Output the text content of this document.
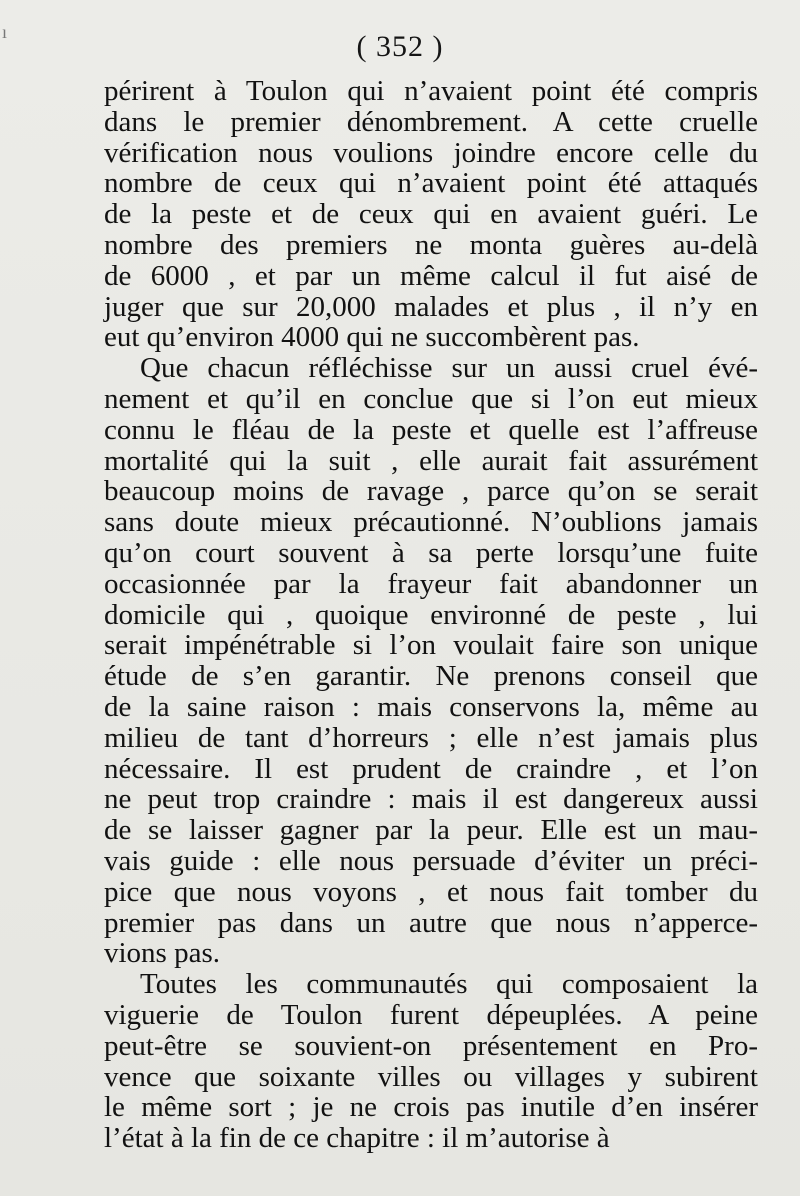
ı	( 352 )
périrent à Toulon qui n’avaient point été compris
dans le premier dénombrement. A cette cruelle
vérification nous voulions joindre encore celle du
nombre de ceux qui n’avaient point été attaqués
de la peste et de ceux qui en avaient guéri. Le
nombre des premiers ne monta guères au-delà
de 6000 , et par un même calcul il fut aisé de
juger que sur 20,000 malades et plus , il n’y en
eut qu’environ 4000 qui ne succombèrent pas.
Que chacun réfléchisse sur un aussi cruel évé-
nement et qu’il en conclue que si l’on eut mieux
connu le fléau de la peste et quelle est l’affreuse
mortalité qui la suit , elle aurait fait assurément
beaucoup moins de ravage , parce qu’on se serait
sans doute mieux précautionné. N’oublions jamais
qu’on court souvent à sa perte lorsqu’une fuite
occasionnée par la frayeur fait abandonner un
domicile qui , quoique environné de peste , lui
serait impénétrable si l’on voulait faire son unique
étude de s’en garantir. Ne prenons conseil que
de la saine raison : mais conservons la, même au
milieu de tant d’horreurs ; elle n’est jamais plus
nécessaire. Il est prudent de craindre , et l’on
ne peut trop craindre : mais il est dangereux aussi
de se laisser gagner par la peur. Elle est un mau-
vais guide : elle nous persuade d’éviter un préci-
pice que nous voyons , et nous fait tomber du
premier pas dans un autre que nous n’apperce-
vions pas.
Toutes les communautés qui composaient la
viguerie de Toulon furent dépeuplées. A peine
peut-être se souvient-on présentement en Pro-
vence que soixante villes ou villages y subirent
le même sort ; je ne crois pas inutile d’en insérer
l’état à la fin de ce chapitre : il m’autorise à
